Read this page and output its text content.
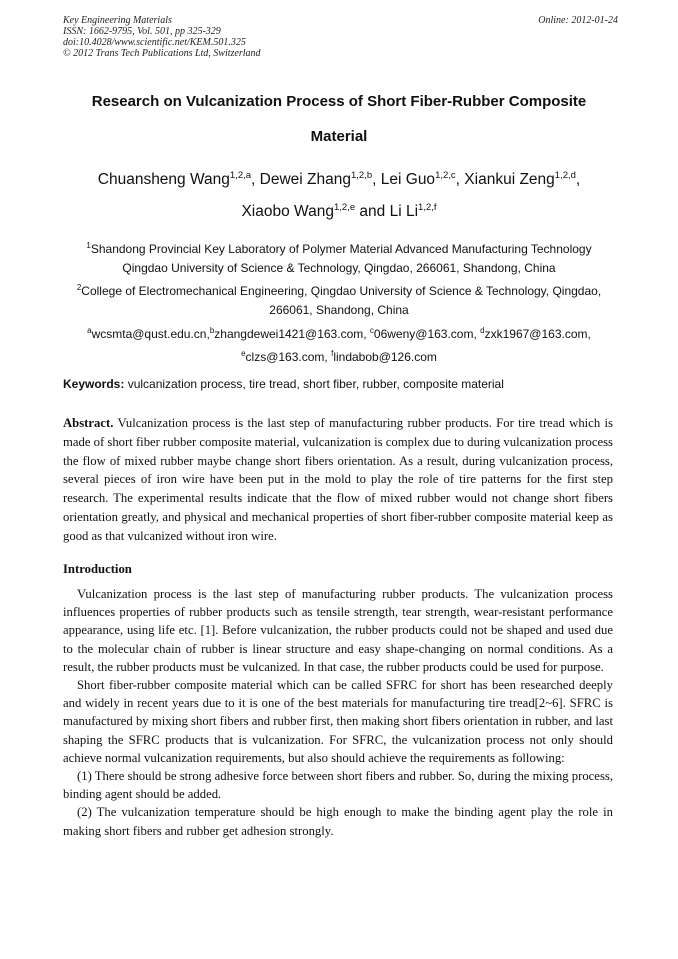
Key Engineering Materials
ISSN: 1662-9795, Vol. 501, pp 325-329
doi:10.4028/www.scientific.net/KEM.501.325
© 2012 Trans Tech Publications Ltd, Switzerland
Online: 2012-01-24
Research on Vulcanization Process of Short Fiber-Rubber Composite
Material
Chuansheng Wang$^{1,2,a}$, Dewei Zhang$^{1,2,b}$, Lei Guo$^{1,2,c}$, Xiankui Zeng$^{1,2,d}$,
Xiaobo Wang$^{1,2,e}$ and Li Li$^{1,2,f}$
$^1$Shandong Provincial Key Laboratory of Polymer Material Advanced Manufacturing Technology
Qingdao University of Science & Technology, Qingdao, 266061, Shandong, China
$^2$College of Electromechanical Engineering, Qingdao University of Science & Technology, Qingdao,
266061, Shandong, China
$^a$wcsmta@qust.edu.cn,$^b$zhangdewei1421@163.com, $^c$06weny@163.com, $^d$zxk1967@163.com,
$^e$clzs@163.com, $^f$lindabob@126.com
Keywords: vulcanization process, tire tread, short fiber, rubber, composite material
Abstract. Vulcanization process is the last step of manufacturing rubber products. For tire tread which is made of short fiber rubber composite material, vulcanization is complex due to during vulcanization process the flow of mixed rubber maybe change short fibers orientation. As a result, during vulcanization process, several pieces of iron wire have been put in the mold to play the role of tire patterns for the first step research. The experimental results indicate that the flow of mixed rubber would not change short fibers orientation greatly, and physical and mechanical properties of short fiber-rubber composite material keep as good as that vulcanized without iron wire.
Introduction

Vulcanization process is the last step of manufacturing rubber products. The vulcanization process influences properties of rubber products such as tensile strength, tear strength, wear-resistant performance appearance, using life etc. [1]. Before vulcanization, the rubber products could not be shaped and used due to the molecular chain of rubber is linear structure and easy shape-changing on normal conditions. As a result, the rubber products must be vulcanized. In that case, the rubber products could be used for purpose.

Short fiber-rubber composite material which can be called SFRC for short has been researched deeply and widely in recent years due to it is one of the best materials for manufacturing tire tread[2~6]. SFRC is manufactured by mixing short fibers and rubber first, then making short fibers orientation in rubber, and last shaping the SFRC products that is vulcanization. For SFRC, the vulcanization process not only should achieve normal vulcanization requirements, but also should achieve the requirements as following:

(1) There should be strong adhesive force between short fibers and rubber. So, during the mixing process, binding agent should be added.

(2) The vulcanization temperature should be high enough to make the binding agent play the role in making short fibers and rubber get adhesion strongly.
